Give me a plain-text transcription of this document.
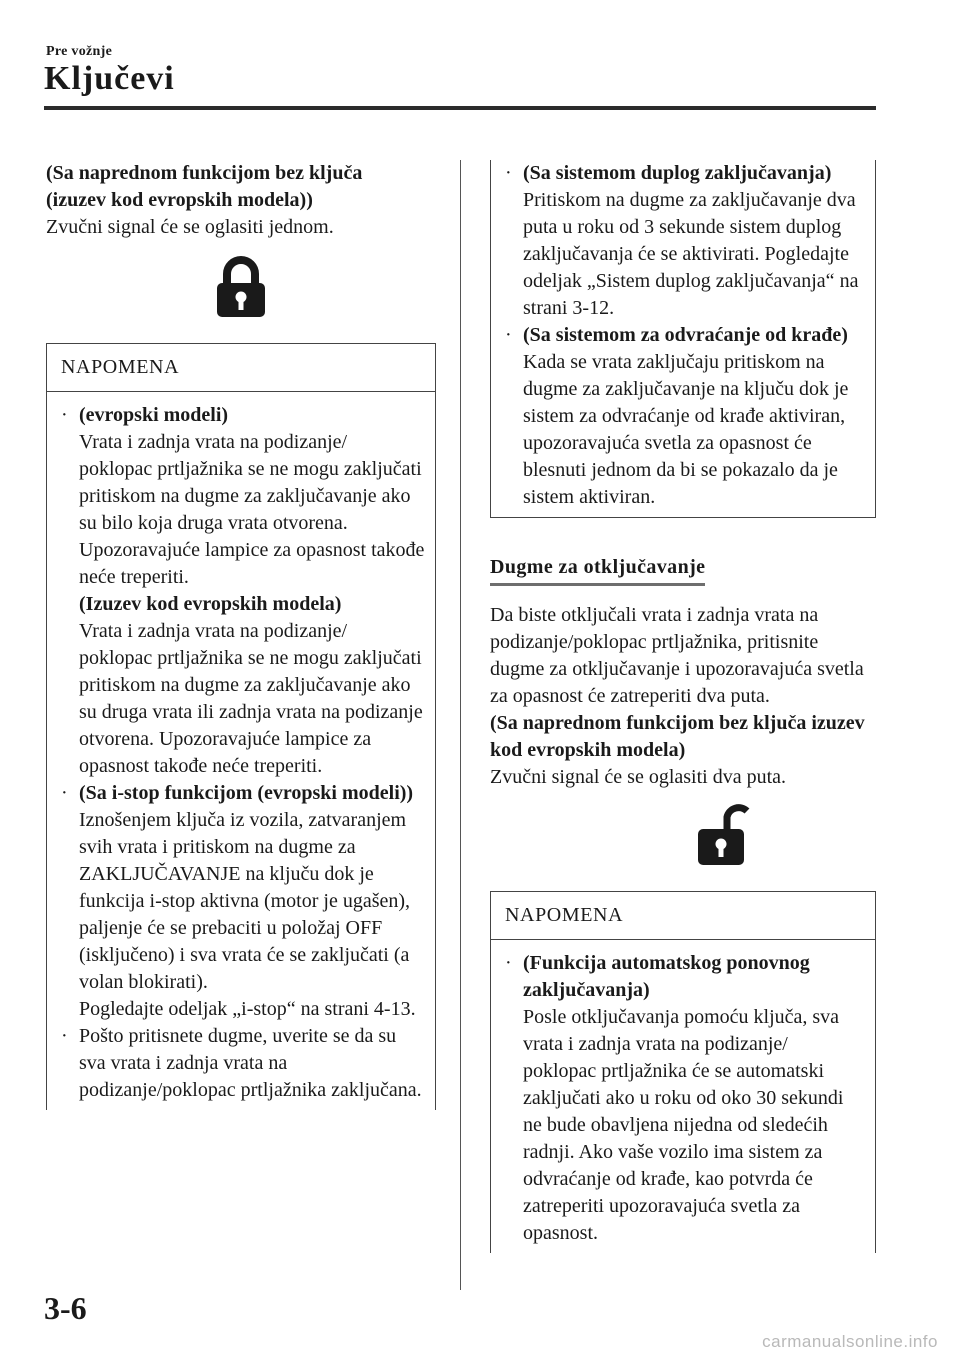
Pre vožnje
Ključevi
(Sa naprednom funkcijom bez ključa
(izuzev kod evropskih modela))
Zvučni signal će se oglasiti jednom.
NAPOMENA
· (evropski modeli)
Vrata i zadnja vrata na podizanje/ poklopac prtljažnika se ne mogu zaključati pritiskom na dugme za zaključavanje ako su bilo koja druga vrata otvorena. Upozoravajuće lampice za opasnost takođe neće treperiti.
(Izuzev kod evropskih modela)
Vrata i zadnja vrata na podizanje/ poklopac prtljažnika se ne mogu zaključati pritiskom na dugme za zaključavanje ako su druga vrata ili zadnja vrata na podizanje otvorena. Upozoravajuće lampice za opasnost takođe neće treperiti.
· (Sa i-stop funkcijom (evropski modeli))
Iznošenjem ključa iz vozila, zatvaranjem svih vrata i pritiskom na dugme za ZAKLJUČAVANJE na ključu dok je funkcija i-stop aktivna (motor je ugašen), paljenje će se prebaciti u položaj OFF (isključeno) i sva vrata će se zaključati (a volan blokirati).
Pogledajte odeljak „i-stop“ na strani 4-13.
· Pošto pritisnete dugme, uverite se da su sva vrata i zadnja vrata na podizanje/poklopac prtljažnika zaključana.
· (Sa sistemom duplog zaključavanja)
Pritiskom na dugme za zaključavanje dva puta u roku od 3 sekunde sistem duplog zaključavanja će se aktivirati. Pogledajte odeljak „Sistem duplog zaključavanja“ na strani 3-12.
· (Sa sistemom za odvraćanje od krađe)
Kada se vrata zaključaju pritiskom na dugme za zaključavanje na ključu dok je sistem za odvraćanje od krađe aktiviran, upozoravajuća svetla za opasnost će blesnuti jednom da bi se pokazalo da je sistem aktiviran.
Dugme za otključavanje
Da biste otključali vrata i zadnja vrata na podizanje/poklopac prtljažnika, pritisnite dugme za otključavanje i upozoravajuća svetla za opasnost će zatreperiti dva puta.
(Sa naprednom funkcijom bez ključa izuzev kod evropskih modela)
Zvučni signal će se oglasiti dva puta.
NAPOMENA
· (Funkcija automatskog ponovnog zaključavanja)
Posle otključavanja pomoću ključa, sva vrata i zadnja vrata na podizanje/ poklopac prtljažnika će se automatski zaključati ako u roku od oko 30 sekundi ne bude obavljena nijedna od sledećih radnji. Ako vaše vozilo ima sistem za odvraćanje od krađe, kao potvrda će zatreperiti upozoravajuća svetla za opasnost.
3-6
carmanualsonline.info
